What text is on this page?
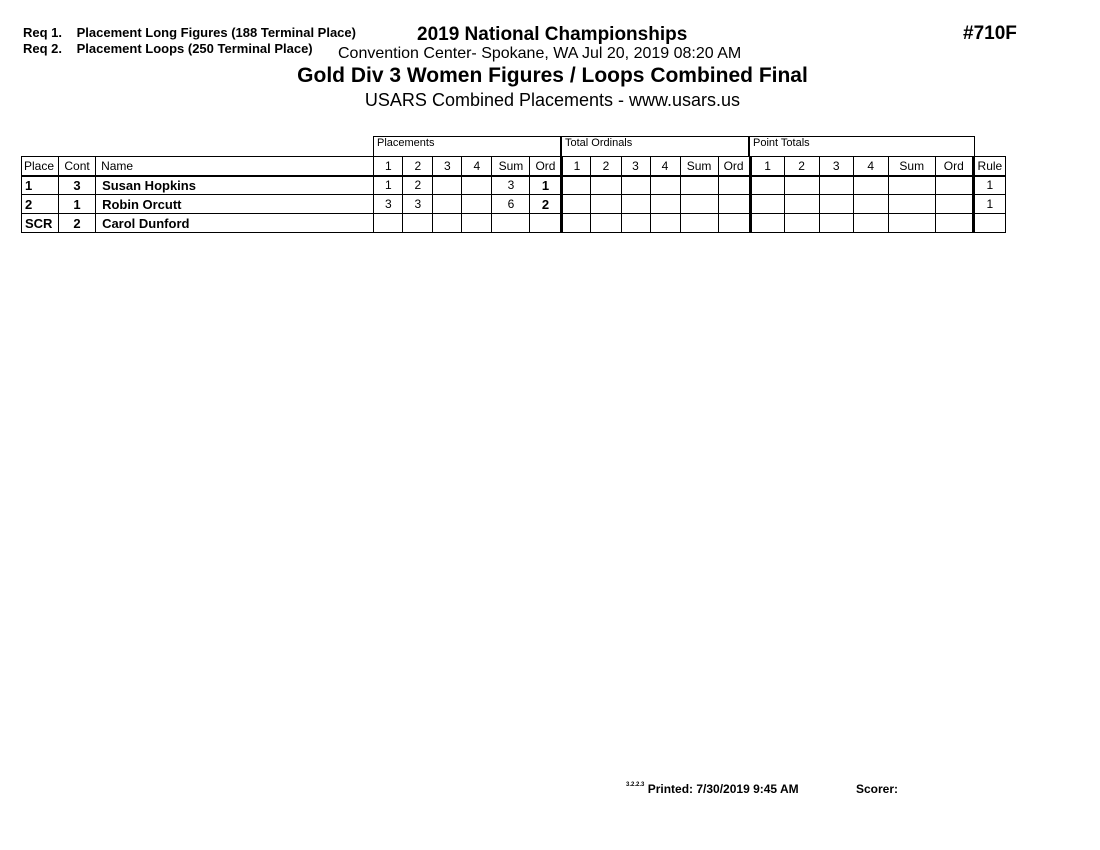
Req 1. Placement Long Figures (188 Terminal Place)
Req 2. Placement Loops (250 Terminal Place)
2019 National Championships	#710F
Convention Center- Spokane, WA Jul 20, 2019 08:20 AM
Gold Div 3 Women Figures / Loops Combined Final
USARS Combined Placements - www.usars.us
Placements	Total Ordinals	Point Totals
Place	Cont	Name	1	2	3	4	Sum	Ord	1	2	3	4	Sum	Ord	1	2	3	4	Sum	Ord	Rule
1	3	Susan Hopkins	1	2			3	1													1
2	1	Robin Orcutt	3	3			6	2													1
SCR	2	Carol Dunford																			
$^{3.2.2.3}$ Printed: 7/30/2019 9:45 AM	Scorer:
